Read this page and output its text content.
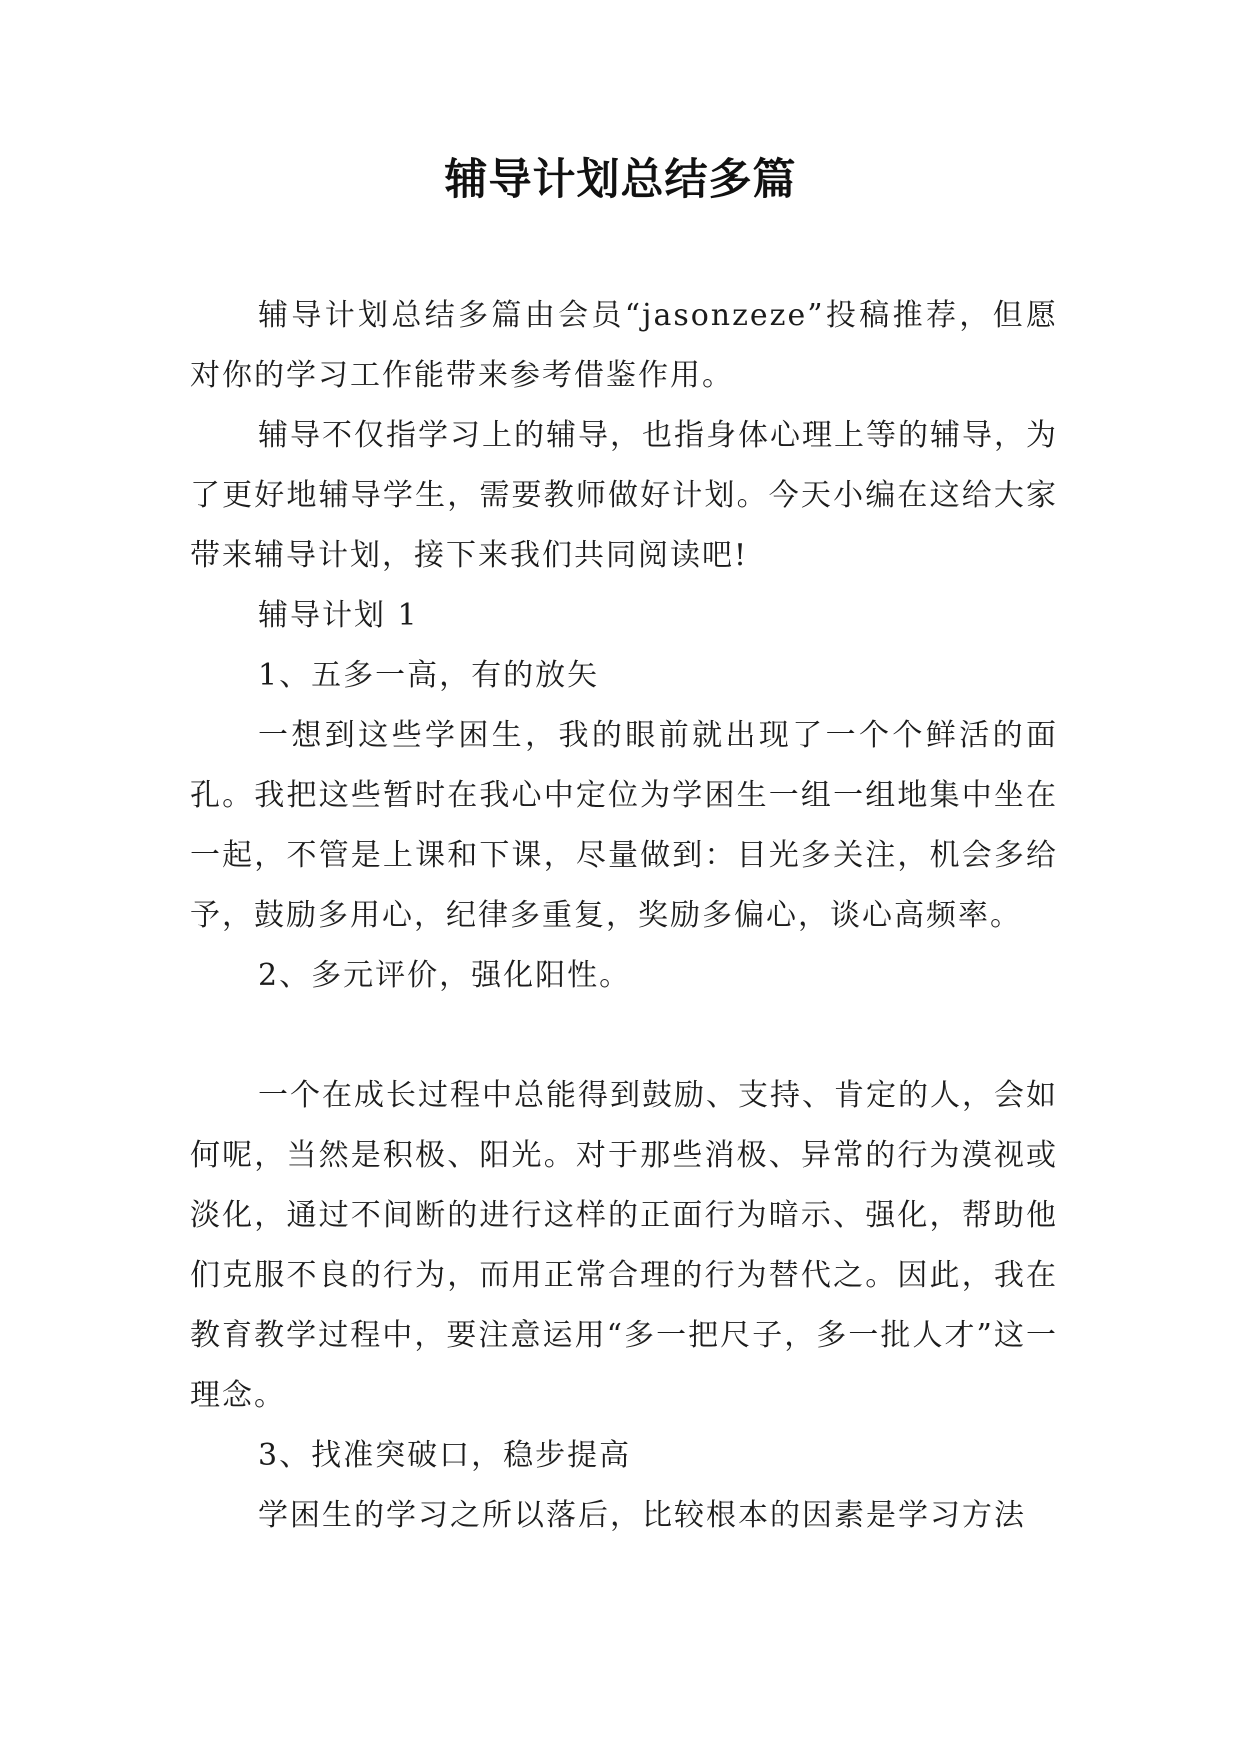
辅导计划总结多篇

辅导计划总结多篇由会员“jasonzeze”投稿推荐，但愿对你的学习工作能带来参考借鉴作用。

辅导不仅指学习上的辅导，也指身体心理上等的辅导，为了更好地辅导学生，需要教师做好计划。今天小编在这给大家带来辅导计划，接下来我们共同阅读吧!

辅导计划 1

1、五多一高，有的放矢

一想到这些学困生，我的眼前就出现了一个个鲜活的面孔。我把这些暂时在我心中定位为学困生一组一组地集中坐在一起，不管是上课和下课，尽量做到：目光多关注，机会多给予，鼓励多用心，纪律多重复，奖励多偏心，谈心高频率。

2、多元评价，强化阳性。

一个在成长过程中总能得到鼓励、支持、肯定的人，会如何呢，当然是积极、阳光。对于那些消极、异常的行为漠视或淡化，通过不间断的进行这样的正面行为暗示、强化，帮助他们克服不良的行为，而用正常合理的行为替代之。因此，我在教育教学过程中，要注意运用“多一把尺子，多一批人才”这一理念。

3、找准突破口，稳步提高

学困生的学习之所以落后，比较根本的因素是学习方法
